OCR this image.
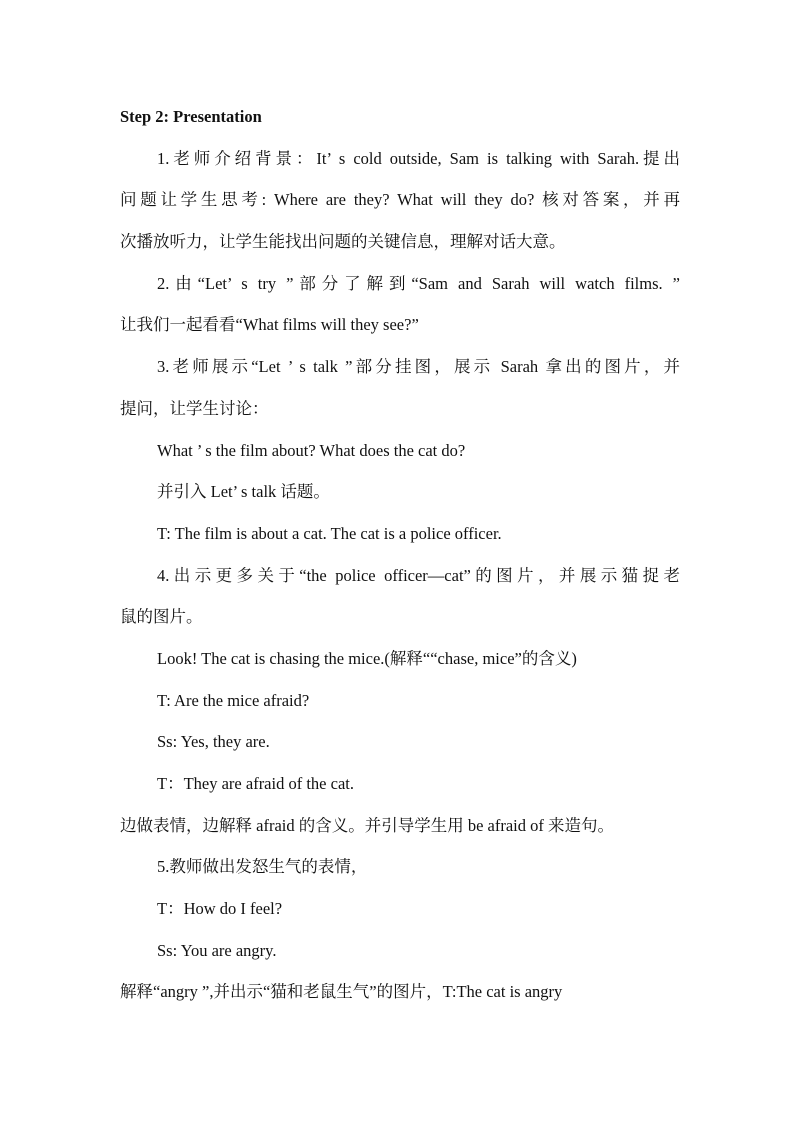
Step 2: Presentation
1.老师介绍背景：It’ s cold outside, Sam is talking with Sarah.提出
问题让学生思考: Where are they? What will they do? 核对答案，并再
次播放听力，让学生能找出问题的关键信息，理解对话大意。
2.由“Let’ s try ”部分了解到“Sam and Sarah will watch films. ”
让我们一起看看“What films will they see?”
3.老师展示“Let ’ s talk ”部分挂图，展示 Sarah 拿出的图片，并
提问，让学生讨论：
What ’ s the film about? What does the cat do?
并引入 Let’ s talk 话题。
T: The film is about a cat. The cat is a police officer.
4.出示更多关于“the police officer—cat”的图片，并展示猫捉老
鼠的图片。
Look! The cat is chasing the mice.(解释““chase, mice”的含义)
T: Are the mice afraid?
Ss: Yes, they are.
T：They are afraid of the cat.
边做表情，边解释 afraid 的含义。并引导学生用 be afraid of 来造句。
5.教师做出发怒生气的表情，
T：How do I feel?
Ss: You are angry.
解释“angry ”,并出示“猫和老鼠生气”的图片，T:The cat is angry
